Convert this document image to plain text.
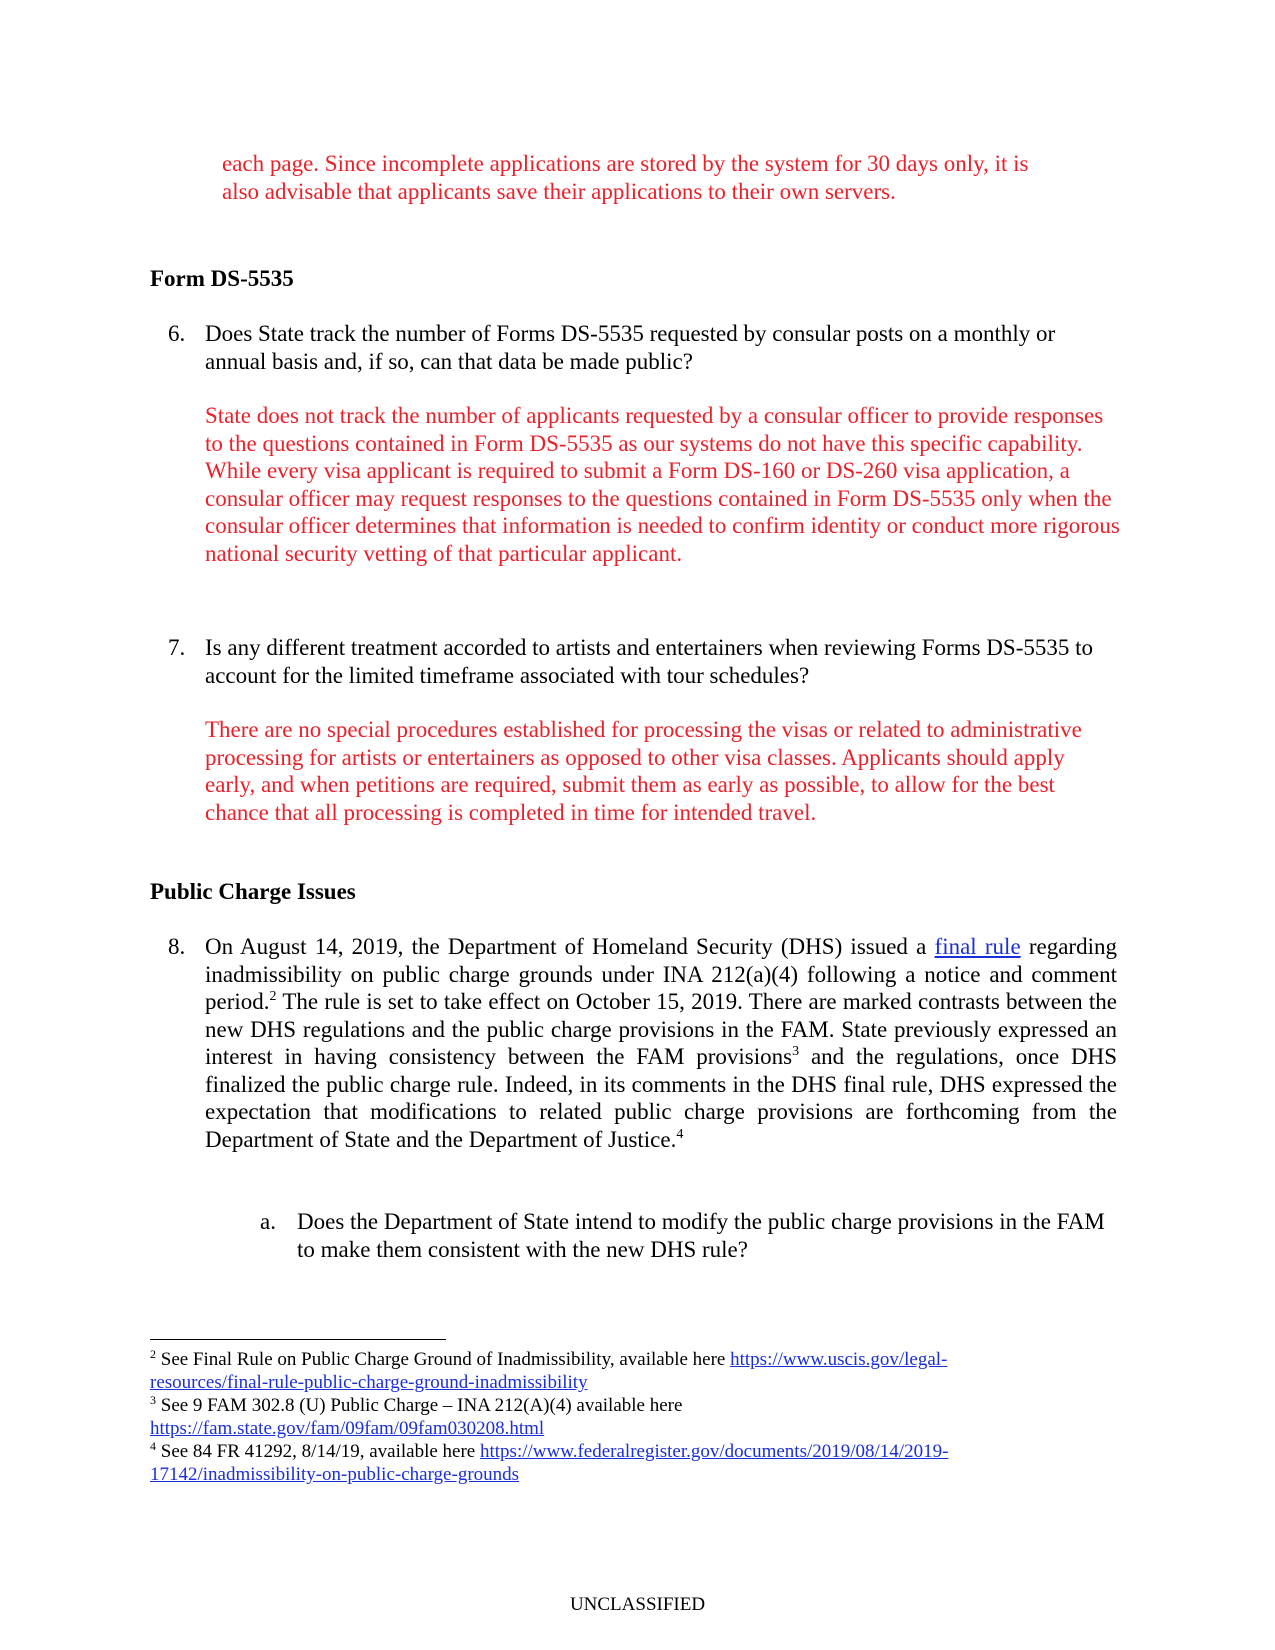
each page. Since incomplete applications are stored by the system for 30 days only, it is
also advisable that applicants save their applications to their own servers.
Form DS-5535
6. Does State track the number of Forms DS-5535 requested by consular posts on a monthly or annual basis and, if so, can that data be made public?
State does not track the number of applicants requested by a consular officer to provide responses to the questions contained in Form DS-5535 as our systems do not have this specific capability. While every visa applicant is required to submit a Form DS-160 or DS-260 visa application, a consular officer may request responses to the questions contained in Form DS-5535 only when the consular officer determines that information is needed to confirm identity or conduct more rigorous national security vetting of that particular applicant.
7. Is any different treatment accorded to artists and entertainers when reviewing Forms DS-5535 to account for the limited timeframe associated with tour schedules?
There are no special procedures established for processing the visas or related to administrative processing for artists or entertainers as opposed to other visa classes. Applicants should apply early, and when petitions are required, submit them as early as possible, to allow for the best chance that all processing is completed in time for intended travel.
Public Charge Issues
8. On August 14, 2019, the Department of Homeland Security (DHS) issued a final rule regarding inadmissibility on public charge grounds under INA 212(a)(4) following a notice and comment period.$^2$ The rule is set to take effect on October 15, 2019. There are marked contrasts between the new DHS regulations and the public charge provisions in the FAM. State previously expressed an interest in having consistency between the FAM provisions$^3$ and the regulations, once DHS finalized the public charge rule. Indeed, in its comments in the DHS final rule, DHS expressed the expectation that modifications to related public charge provisions are forthcoming from the Department of State and the Department of Justice.$^4$
a. Does the Department of State intend to modify the public charge provisions in the FAM to make them consistent with the new DHS rule?
$^2$ See Final Rule on Public Charge Ground of Inadmissibility, available here https://www.uscis.gov/legal-
resources/final-rule-public-charge-ground-inadmissibility
$^3$ See 9 FAM 302.8 (U) Public Charge – INA 212(A)(4) available here
https://fam.state.gov/fam/09fam/09fam030208.html
$^4$ See 84 FR 41292, 8/14/19, available here https://www.federalregister.gov/documents/2019/08/14/2019-
17142/inadmissibility-on-public-charge-grounds
UNCLASSIFIED
